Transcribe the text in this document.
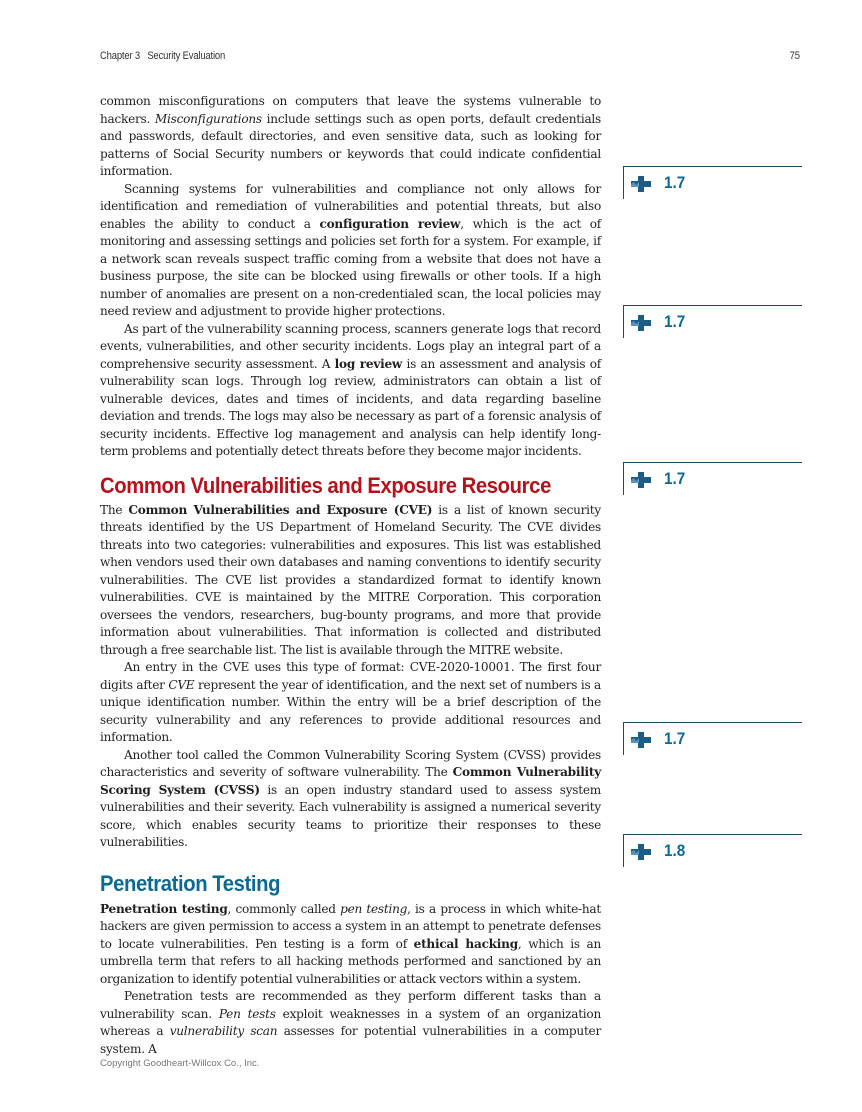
Chapter 3   Security Evaluation	75

common misconfigurations on computers that leave the systems vulnerable to hackers. Misconfigurations include settings such as open ports, default credentials and passwords, default directories, and even sensitive data, such as looking for patterns of Social Security numbers or keywords that could indicate confidential information.

Scanning systems for vulnerabilities and compliance not only allows for identification and remediation of vulnerabilities and potential threats, but also enables the ability to conduct a configuration review, which is the act of monitoring and assessing settings and policies set forth for a system. For example, if a network scan reveals suspect traffic coming from a website that does not have a business purpose, the site can be blocked using firewalls or other tools. If a high number of anomalies are present on a non-credentialed scan, the local policies may need review and adjustment to provide higher protections.

As part of the vulnerability scanning process, scanners generate logs that record events, vulnerabilities, and other security incidents. Logs play an integral part of a comprehensive security assessment. A log review is an assessment and analysis of vulnerability scan logs. Through log review, administrators can obtain a list of vulnerable devices, dates and times of incidents, and data regarding baseline deviation and trends. The logs may also be necessary as part of a forensic analysis of security incidents. Effective log management and analysis can help identify long-term problems and potentially detect threats before they become major incidents.

Common Vulnerabilities and Exposure Resource

The Common Vulnerabilities and Exposure (CVE) is a list of known security threats identified by the US Department of Homeland Security. The CVE divides threats into two categories: vulnerabilities and exposures. This list was established when vendors used their own databases and naming conventions to identify security vulnerabilities. The CVE list provides a standardized format to identify known vulnerabilities. CVE is maintained by the MITRE Corporation. This corporation oversees the vendors, researchers, bug-bounty programs, and more that provide information about vulnerabilities. That information is collected and distributed through a free searchable list. The list is available through the MITRE website.

An entry in the CVE uses this type of format: CVE-2020-10001. The first four digits after CVE represent the year of identification, and the next set of numbers is a unique identification number. Within the entry will be a brief description of the security vulnerability and any references to provide additional resources and information.

Another tool called the Common Vulnerability Scoring System (CVSS) provides characteristics and severity of software vulnerability. The Common Vulnerability Scoring System (CVSS) is an open industry standard used to assess system vulnerabilities and their severity. Each vulnerability is assigned a numerical severity score, which enables security teams to prioritize their responses to these vulnerabilities.

Penetration Testing

Penetration testing, commonly called pen testing, is a process in which white-hat hackers are given permission to access a system in an attempt to penetrate defenses to locate vulnerabilities. Pen testing is a form of ethical hacking, which is an umbrella term that refers to all hacking methods performed and sanctioned by an organization to identify potential vulnerabilities or attack vectors within a system.

Penetration tests are recommended as they perform different tasks than a vulnerability scan. Pen tests exploit weaknesses in a system of an organization whereas a vulnerability scan assesses for potential vulnerabilities in a computer system. A

1.7
1.7
1.7
1.7
1.8
Copyright Goodheart-Willcox Co., Inc.
